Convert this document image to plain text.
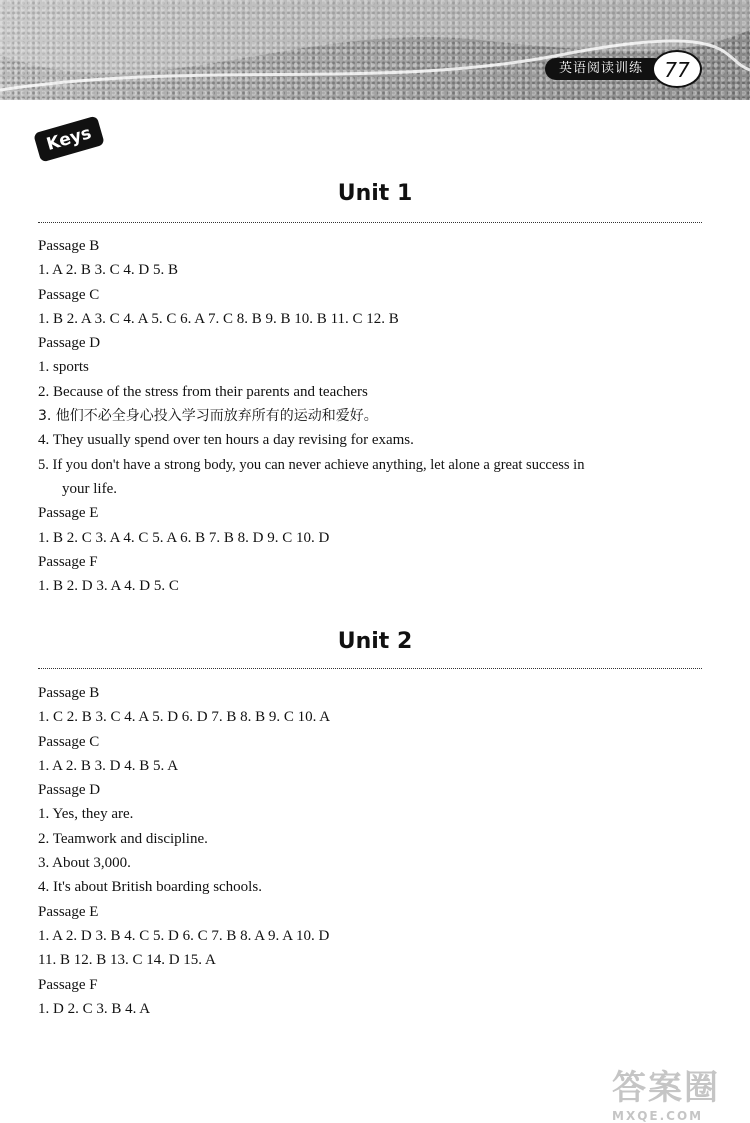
英语阅读训练	77
Keys
Unit 1
Passage B
1. A 2. B 3. C 4. D 5. B
Passage C
1. B 2. A 3. C 4. A 5. C 6. A 7. C 8. B 9. B 10. B 11. C 12. B
Passage D
1. sports
2. Because of the stress from their parents and teachers
3. 他们不必全身心投入学习而放弃所有的运动和爱好。
4. They usually spend over ten hours a day revising for exams.
5. If you don't have a strong body, you can never achieve anything, let alone a great success in
your life.
Passage E
1. B 2. C 3. A 4. C 5. A 6. B 7. B 8. D 9. C 10. D
Passage F
1. B 2. D 3. A 4. D 5. C
Unit 2
Passage B
1. C 2. B 3. C 4. A 5. D 6. D 7. B 8. B 9. C 10. A
Passage C
1. A 2. B 3. D 4. B 5. A
Passage D
1. Yes, they are.
2. Teamwork and discipline.
3. About 3,000.
4. It's about British boarding schools.
Passage E
1. A 2. D 3. B 4. C 5. D 6. C 7. B 8. A 9. A 10. D
11. B 12. B 13. C 14. D 15. A
Passage F
1. D 2. C 3. B 4. A
答案圈
MXQE.COM
